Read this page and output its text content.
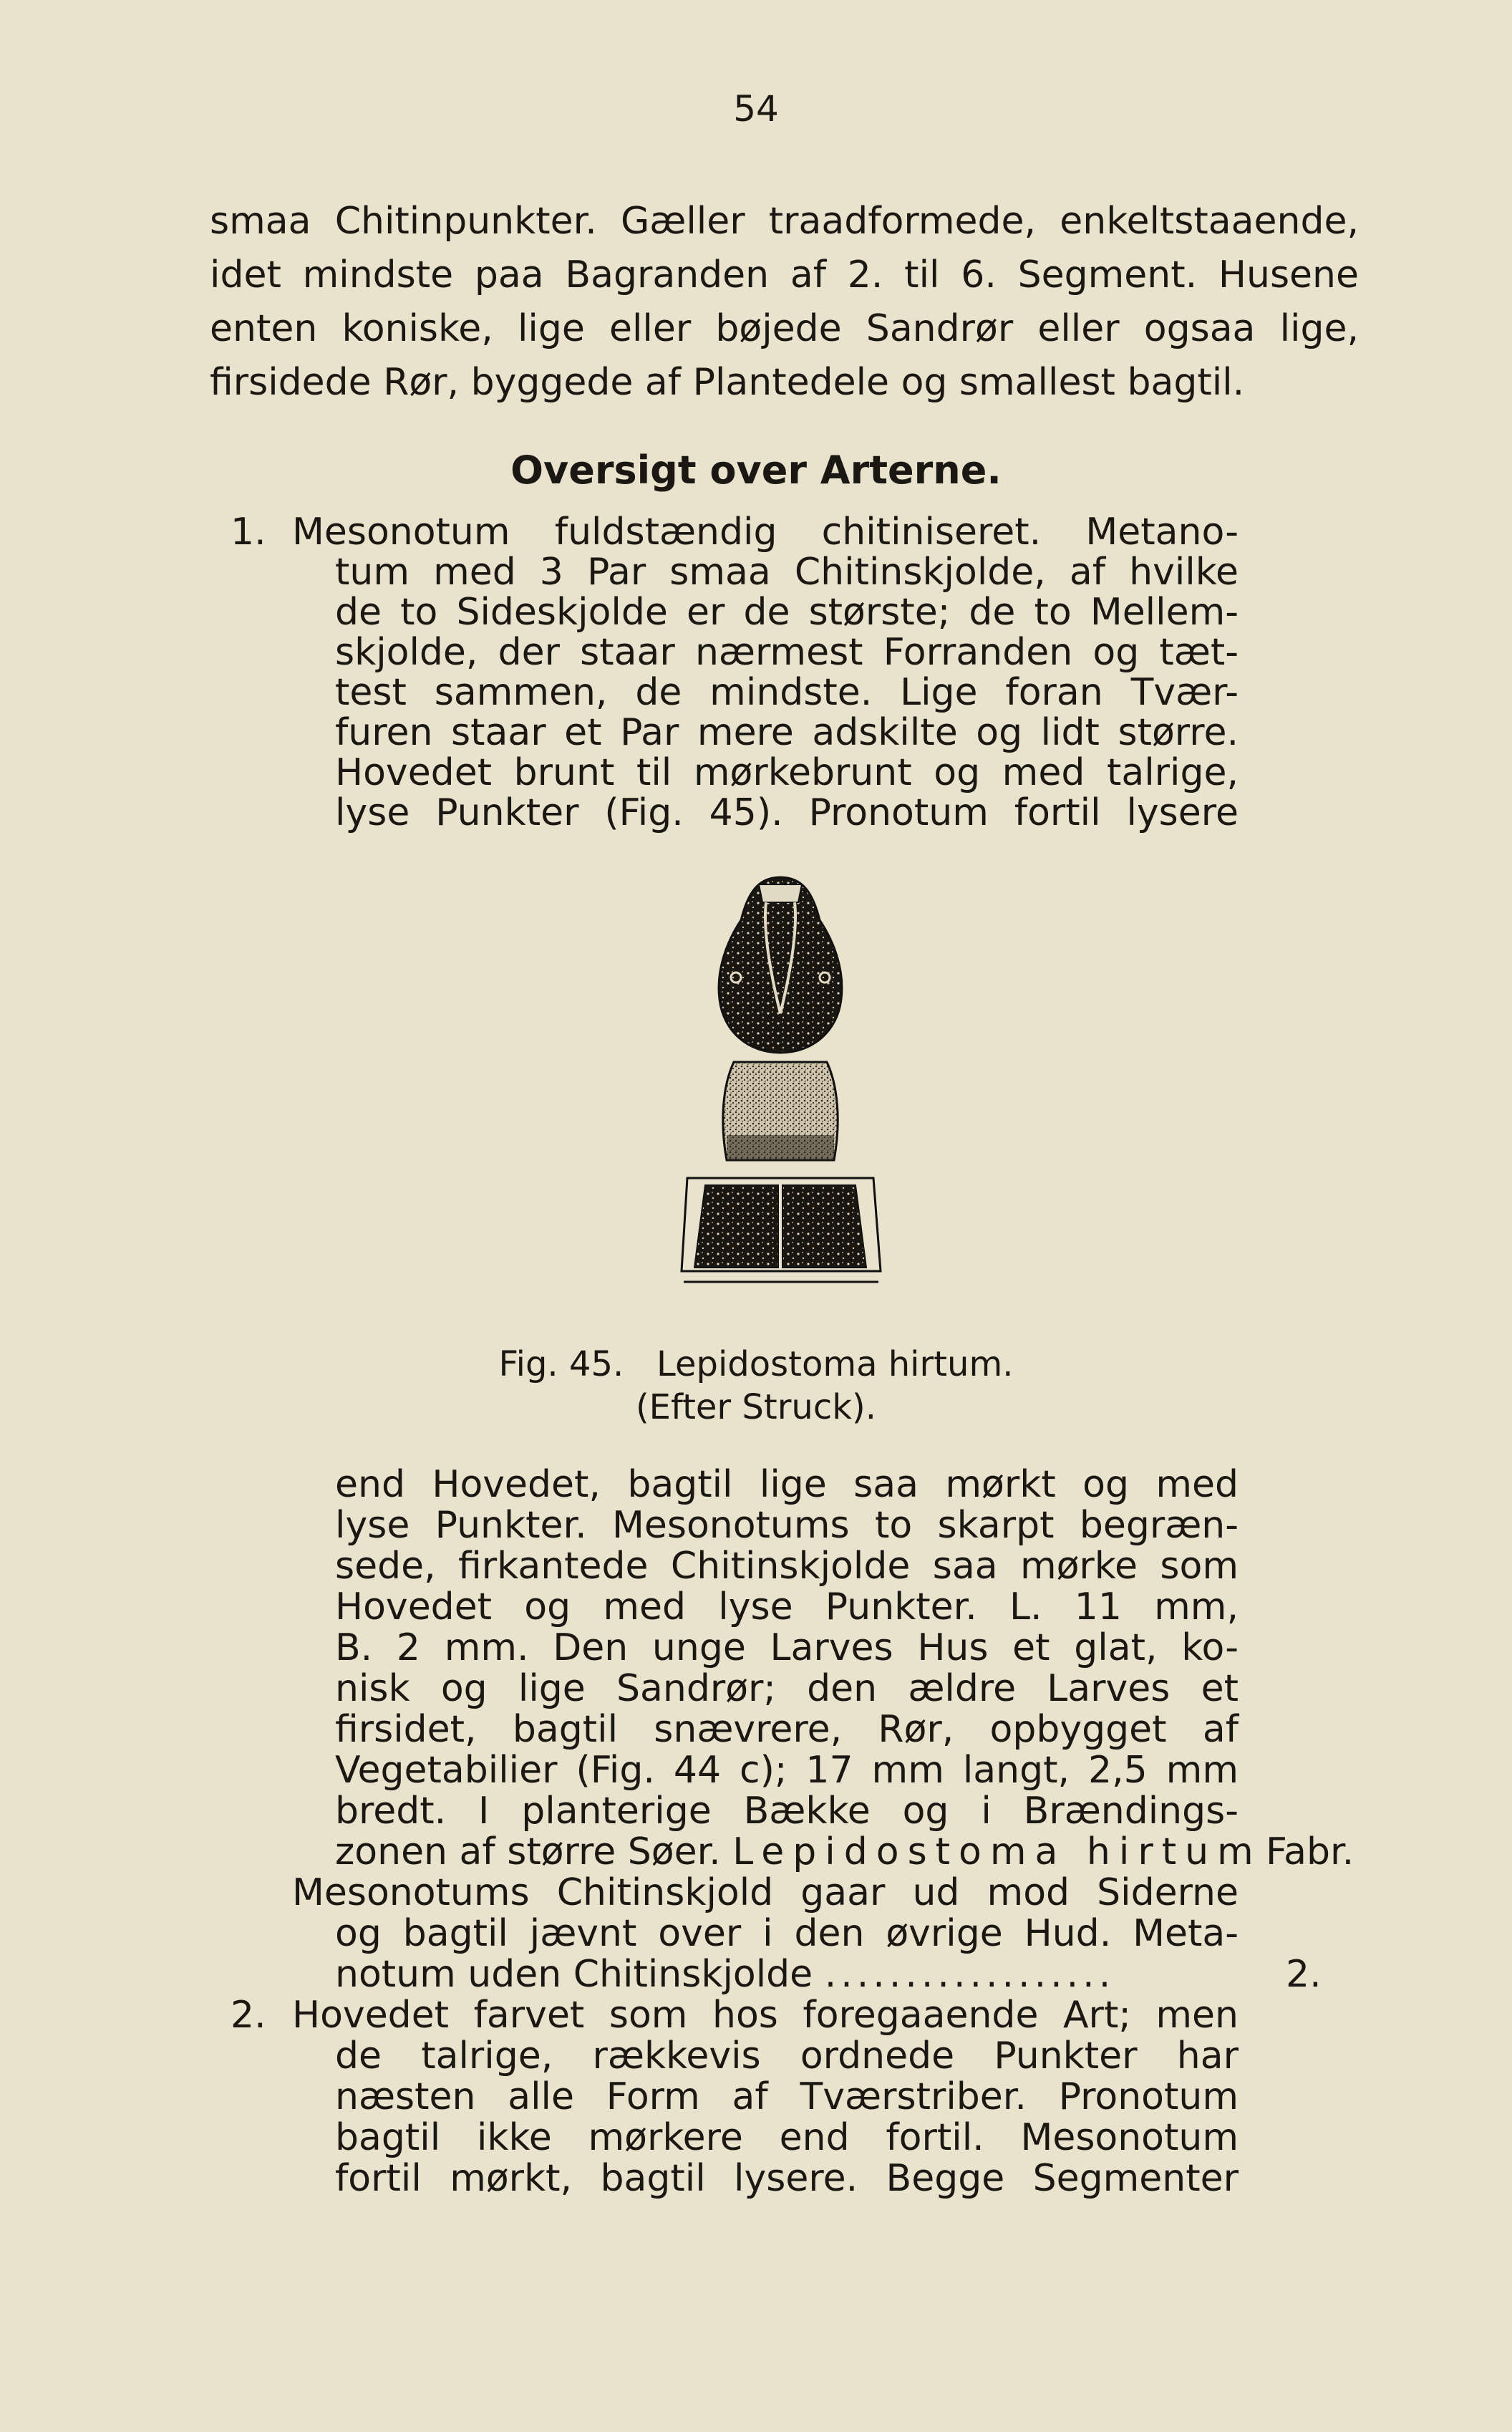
54
smaa Chitinpunkter. Gæller traadformede, enkeltstaaende,
idet mindste paa Bagranden af 2. til 6. Segment. Husene
enten koniske, lige eller bøjede Sandrør eller ogsaa lige,
firsidede Rør, byggede af Plantedele og smallest bagtil.
Oversigt over Arterne.
1. Mesonotum fuldstændig chitiniseret. Metano-
tum med 3 Par smaa Chitinskjolde, af hvilke
de to Sideskjolde er de største; de to Mellem-
skjolde, der staar nærmest Forranden og tæt-
test sammen, de mindste. Lige foran Tvær-
furen staar et Par mere adskilte og lidt større.
Hovedet brunt til mørkebrunt og med talrige,
lyse Punkter (Fig. 45). Pronotum fortil lysere
Fig. 45. Lepidostoma hirtum.
(Efter Struck).
end Hovedet, bagtil lige saa mørkt og med
lyse Punkter. Mesonotums to skarpt begræn-
sede, firkantede Chitinskjolde saa mørke som
Hovedet og med lyse Punkter. L. 11 mm,
B. 2 mm. Den unge Larves Hus et glat, ko-
nisk og lige Sandrør; den ældre Larves et
firsidet, bagtil snævrere, Rør, opbygget af
Vegetabilier (Fig. 44 c); 17 mm langt, 2,5 mm
bredt. I planterige Bække og i Brændings-
zonen af større Søer. Lepidostoma hirtum Fabr.
Mesonotums Chitinskjold gaar ud mod Siderne
og bagtil jævnt over i den øvrige Hud. Meta-
notum uden Chitinskjolde ..................	2.
2. Hovedet farvet som hos foregaaende Art; men
de talrige, rækkevis ordnede Punkter har
næsten alle Form af Tværstriber. Pronotum
bagtil ikke mørkere end fortil. Mesonotum
fortil mørkt, bagtil lysere. Begge Segmenter
